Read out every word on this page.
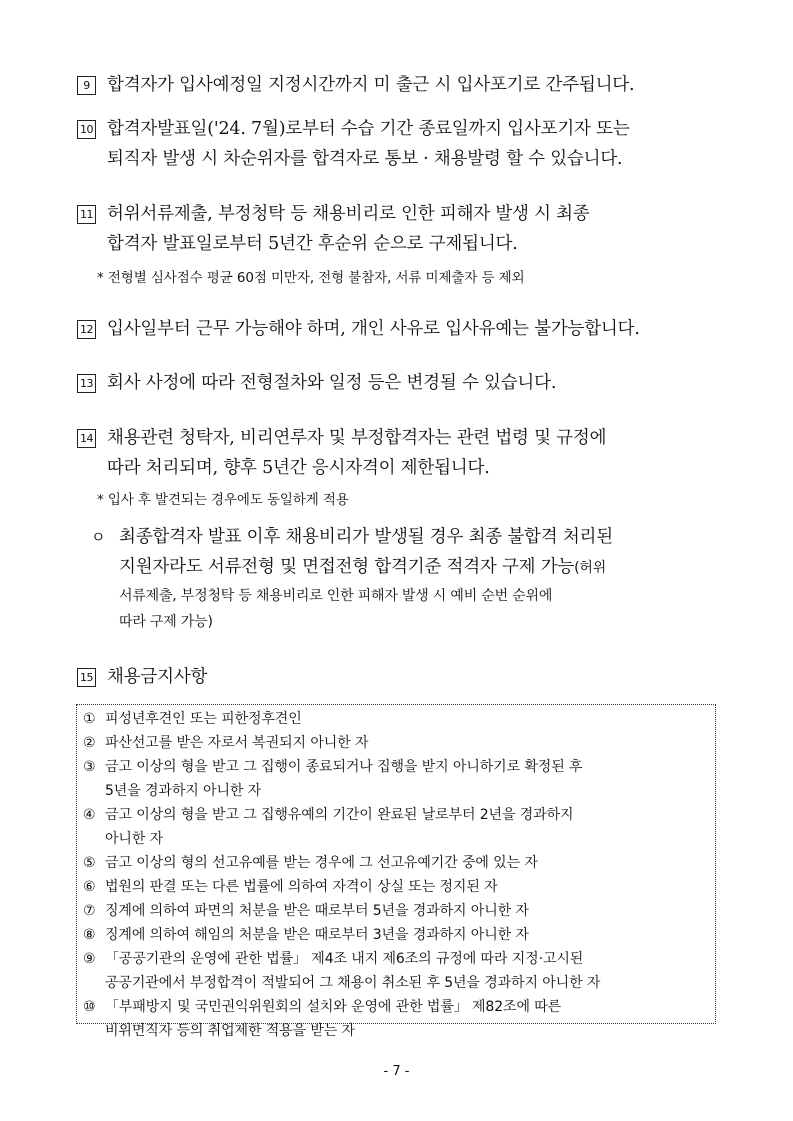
9 합격자가 입사예정일 지정시간까지 미 출근 시 입사포기로 간주됩니다.
10 합격자발표일('24. 7월)로부터 수습 기간 종료일까지 입사포기자 또는
퇴직자 발생 시 차순위자를 합격자로 통보 · 채용발령 할 수 있습니다.
11 허위서류제출, 부정청탁 등 채용비리로 인한 피해자 발생 시 최종
합격자 발표일로부터 5년간 후순위 순으로 구제됩니다.
* 전형별 심사점수 평균 60점 미만자, 전형 불참자, 서류 미제출자 등 제외
12 입사일부터 근무 가능해야 하며, 개인 사유로 입사유예는 불가능합니다.
13 회사 사정에 따라 전형절차와 일정 등은 변경될 수 있습니다.
14 채용관련 청탁자, 비리연루자 및 부정합격자는 관련 법령 및 규정에
따라 처리되며, 향후 5년간 응시자격이 제한됩니다.
* 입사 후 발견되는 경우에도 동일하게 적용
ㅇ 최종합격자 발표 이후 채용비리가 발생될 경우 최종 불합격 처리된
지원자라도 서류전형 및 면접전형 합격기준 적격자 구제 가능(허위
서류제출, 부정청탁 등 채용비리로 인한 피해자 발생 시 예비 순번 순위에
따라 구제 가능)
15 채용금지사항
① 피성년후견인 또는 피한정후견인
② 파산선고를 받은 자로서 복권되지 아니한 자
③ 금고 이상의 형을 받고 그 집행이 종료되거나 집행을 받지 아니하기로 확정된 후
5년을 경과하지 아니한 자
④ 금고 이상의 형을 받고 그 집행유예의 기간이 완료된 날로부터 2년을 경과하지
아니한 자
⑤ 금고 이상의 형의 선고유예를 받는 경우에 그 선고유예기간 중에 있는 자
⑥ 법원의 판결 또는 다른 법률에 의하여 자격이 상실 또는 정지된 자
⑦ 징계에 의하여 파면의 처분을 받은 때로부터 5년을 경과하지 아니한 자
⑧ 징계에 의하여 해임의 처분을 받은 때로부터 3년을 경과하지 아니한 자
⑨ 「공공기관의 운영에 관한 법률」 제4조 내지 제6조의 규정에 따라 지정·고시된
공공기관에서 부정합격이 적발되어 그 채용이 취소된 후 5년을 경과하지 아니한 자
⑩ 「부패방지 및 국민권익위원회의 설치와 운영에 관한 법률」 제82조에 따른
비위면직자 등의 취업제한 적용을 받는 자
- 7 -
